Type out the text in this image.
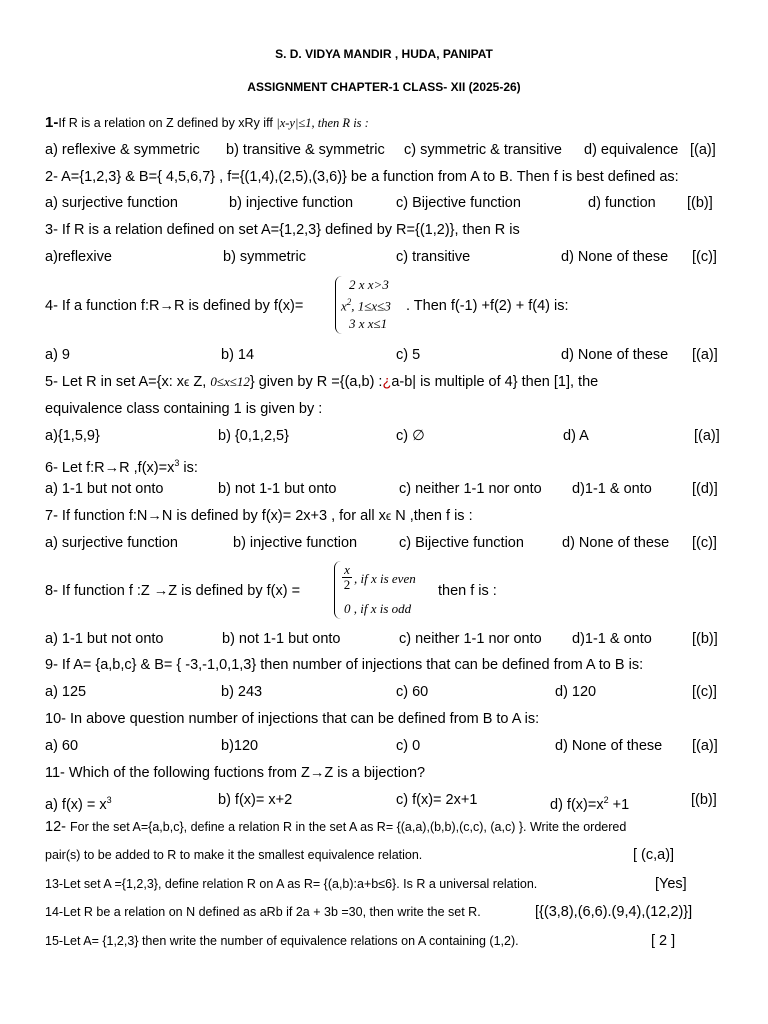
S. D. VIDYA MANDIR , HUDA, PANIPAT
ASSIGNMENT CHAPTER-1 CLASS- XII (2025-26)
1-If R is a relation on Z defined by xRy iff |x-y|≤1, then R is :
a) reflexive & symmetric b) transitive & symmetric c) symmetric & transitive d) equivalence [(a)]
2- A={1,2,3} & B={ 4,5,6,7} , f={(1,4),(2,5),(3,6)} be a function from A to B. Then f is best defined as:
a) surjective function	b) injective function	c) Bijective function	d) function [(b)]
3- If R is a relation defined on set A={1,2,3} defined by R={(1,2)}, then R is
a)reflexive	b) symmetric	c) transitive	d) None of these [(c)]
4- If a function f:R→R is defined by f(x)=
2 x x>3
$x^2$, 1≤x≤3
3 x x≤1
. Then f(-1) +f(2) + f(4) is:
a) 9	b) 14	c) 5	d) None of these [(a)]
5- Let R in set A={x: xϵ Z, 0≤x≤12} given by R ={(a,b) :¿a-b| is multiple of 4} then [1], the
equivalence class containing 1 is given by :
a){1,5,9}	b) {0,1,2,5}	c) ∅	d) A	[(a)]
6- Let f:R→R $,f(x)=x^3$ is:
a) 1-1 but not onto	b) not 1-1 but onto	c) neither 1-1 nor onto d)1-1 & onto	[(d)]
7- If function f:N→N is defined by f(x)= 2x+3 , for all xϵ N ,then f is :
a) surjective function	b) injective function	c) Bijective function	d) None of these [(c)]
8- If function f :Z →Z is defined by f(x) =
x
2 , if x is even
0 , if x is odd
then f is :
a) 1-1 but not onto	b) not 1-1 but onto	c) neither 1-1 nor onto d)1-1 & onto	[(b)]
9- If A= {a,b,c} & B= { -3,-1,0,1,3} then number of injections that can be defined from A to B is:
a) 125	b) 243	c) 60	d) 120	[(c)]
10- In above question number of injections that can be defined from B to A is:
a) 60	b)120	c) 0	d) None of these [(a)]
11- Which of the following fuctions from Z→Z is a bijection?
a) $f(x) = x^3$	b) f(x)= x+2	c) f(x)= 2x+1	d) $f(x)=x^2 +1$	[(b)]
12- For the set A={a,b,c}, define a relation R in the set A as R= {(a,a),(b,b),(c,c), (a,c) }. Write the ordered
pair(s) to be added to R to make it the smallest equivalence relation.	[ (c,a)]
13-Let set A ={1,2,3}, define relation R on A as R= {(a,b):a+b≤6}. Is R a universal relation.	[Yes]
14-Let R be a relation on N defined as aRb if 2a + 3b =30, then write the set R.	[{(3,8),(6,6).(9,4),(12,2)}]
15-Let A= {1,2,3} then write the number of equivalence relations on A containing (1,2).	[ 2 ]
